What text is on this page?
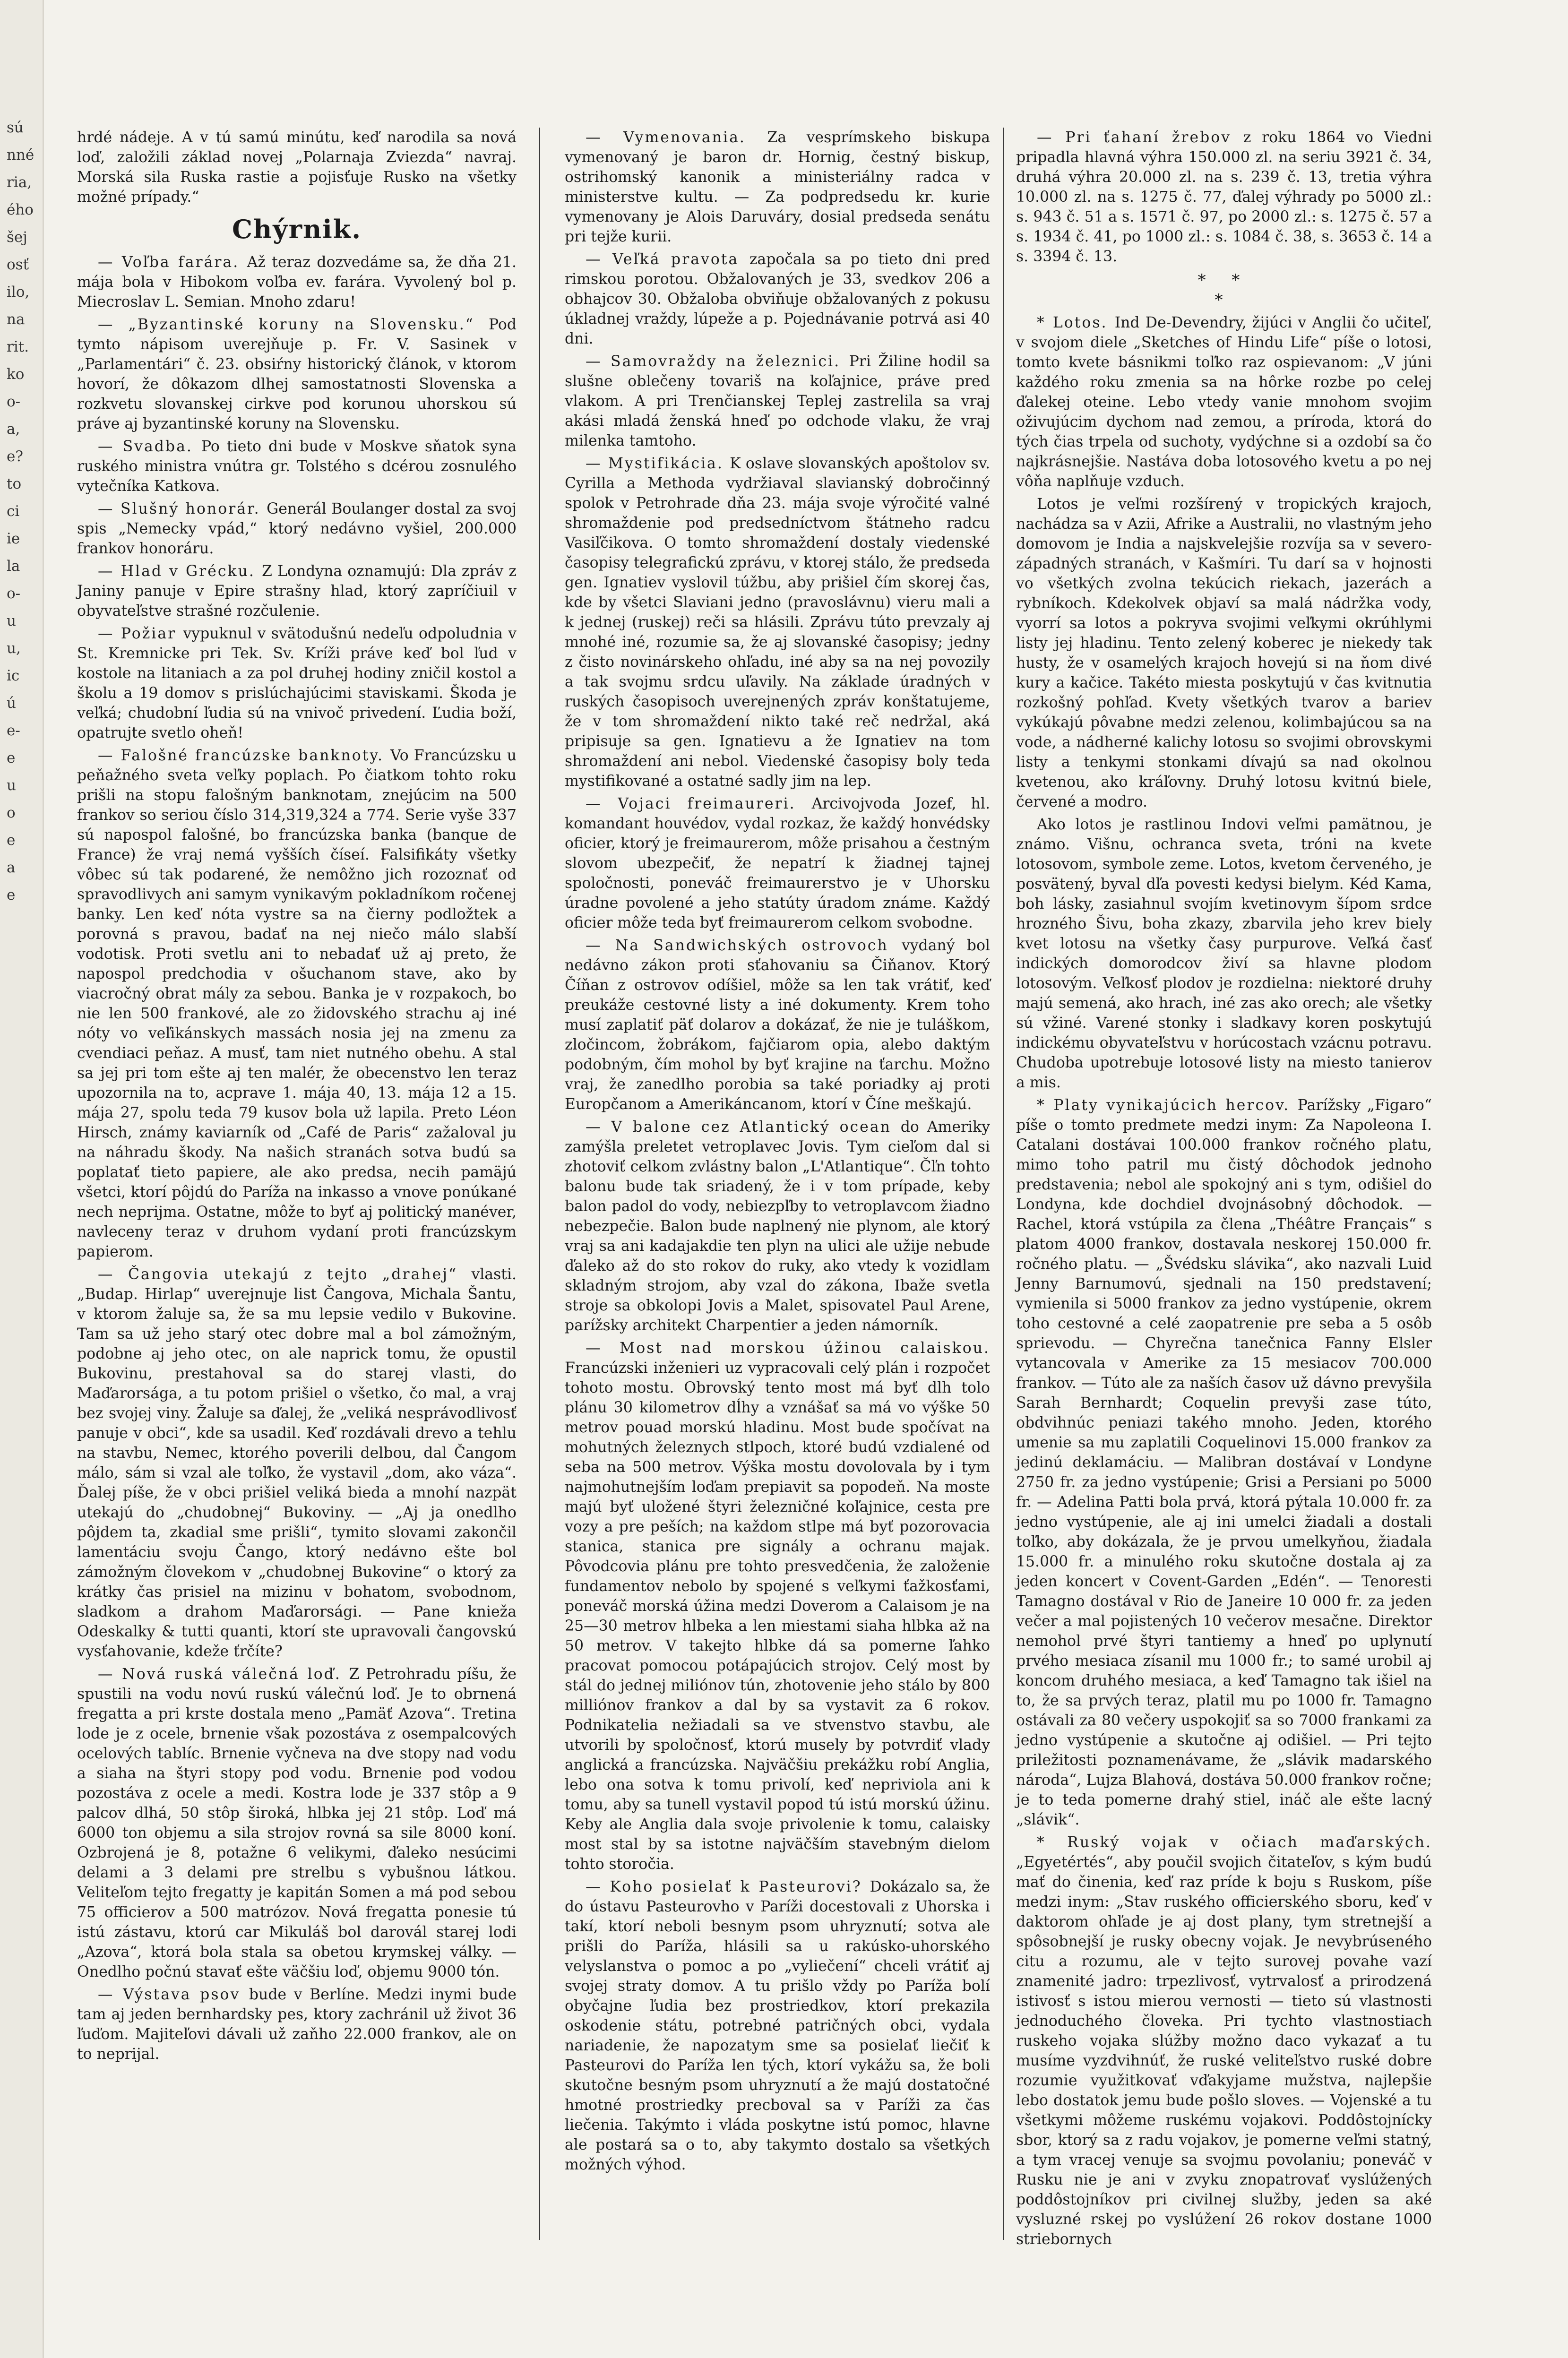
sú
nné
ria,
ého
šej
osť
ilo,
na
rit.
ko
o-
a,
e?
to
ci
ie
la
o-
u
u,
ic
ú
e-
e
u
o
e
a
e

hrdé nádeje. A v tú samú minútu, keď narodila sa nová loď, založili základ novej „Polarnaja Zviezda“ navraj. Morská sila Ruska rastie a pojisťuje Rusko na všetky možné prípady.“

Chýrnik.

— Voľba farára. Až teraz dozvedáme sa, že dňa 21. mája bola v Hibokom voľba ev. farára. Vyvolený bol p. Miecroslav L. Semian. Mnoho zdaru!

— „Byzantinské koruny na Slovensku.“ Pod tymto nápisom uverejňuje p. Fr. V. Sasinek v „Parlamentári“ č. 23. obsiŕny historický článok, v ktorom hovorí, že dôkazom dlhej samostatnosti Slovenska a rozkvetu slovanskej cirkve pod korunou uhorskou sú práve aj byzantinské koruny na Slovensku.

— Svadba. Po tieto dni bude v Moskve sňatok syna ruského ministra vnútra gr. Tolstého s dcérou zosnulého vytečníka Katkova.

— Slušný honorár. Generál Boulanger dostal za svoj spis „Nemecky vpád,“ ktorý nedávno vyšiel, 200.000 frankov honoráru.

— Hlad v Grécku. Z Londyna oznamujú: Dla zpráv z Janiny panuje v Epire strašny hlad, ktorý zapríčiuil v obyvateľstve strašné rozčulenie.

— Požiar vypuknul v svätodušnú nedeľu odpoludnia v St. Kremnicke pri Tek. Sv. Kríži práve keď bol ľud v kostole na litaniach a za pol druhej hodiny zničil kostol a školu a 19 domov s prislúchajúcimi staviskami. Škoda je veľká; chudobní ľudia sú na vnivoč privedení. Ľudia boží, opatrujte svetlo oheň!

— Falošné francúzske banknoty. Vo Francúzsku u peňažného sveta veľky poplach. Po čiatkom tohto roku prišli na stopu falošným banknotam, znejúcim na 500 frankov so seriou číslo 314,319,324 a 774. Serie vyše 337 sú napospol falošné, bo francúzska banka (banque de France) že vraj nemá vyšších číseí. Falsifikáty všetky vôbec sú tak podarené, že nemôžno jich rozoznať od spravodlivych ani samym vynikavým pokladníkom ročenej banky. Len keď nóta vystre sa na čierny podložtek a porovná s pravou, badať na nej niečo málo slabší vodotisk. Proti svetlu ani to nebadať už aj preto, že napospol predchodia v ošuchanom stave, ako by viacročný obrat mály za sebou. Banka je v rozpakoch, bo nie len 500 frankové, ale zo židovského strachu aj iné nóty vo veľikánskych massách nosia jej na zmenu za cvendiaci peňaz. A musť, tam niet nutného obehu. A stal sa jej pri tom ešte aj ten malér, že obecenstvo len teraz upozornila na to, acprave 1. mája 40, 13. mája 12 a 15. mája 27, spolu teda 79 kusov bola už lapila. Preto Léon Hirsch, známy kaviarník od „Café de Paris“ zažaloval ju na náhradu škody. Na našich stranách sotva budú sa poplatať tieto papiere, ale ako predsa, necih pamäjú všetci, ktorí pôjdú do Paríža na inkasso a vnove ponúkané nech neprijma. Ostatne, môže to byť aj politický manéver, navleceny teraz v druhom vydaní proti francúzskym papierom.

— Čangovia utekajú z tejto „drahej“ vlasti. „Budap. Hirlap“ uverejnuje list Čangova, Michala Šantu, v ktorom žaluje sa, že sa mu lepsie vedilo v Bukovine. Tam sa už jeho starý otec dobre mal a bol zámožným, podobne aj jeho otec, on ale naprick tomu, že opustil Bukovinu, prestahoval sa do starej vlasti, do Maďarorsága, a tu potom prišiel o všetko, čo mal, a vraj bez svojej viny. Žaluje sa ďalej, že „veliká nesprávodlivosť panuje v obci“, kde sa usadil. Keď rozdávali drevo a tehlu na stavbu, Nemec, ktorého poverili delbou, dal Čangom málo, sám si vzal ale toľko, že vystavil „dom, ako váza“. Ďalej píše, že v obci prišiel veliká bieda a mnohí nazpät utekajú do „chudobnej“ Bukoviny. — „Aj ja onedlho pôjdem ta, zkadial sme prišli“, tymito slovami zakončil lamentáciu svoju Čango, ktorý nedávno ešte bol zámožným človekom v „chudobnej Bukovine“ o ktorý za krátky čas prisiel na mizinu v bohatom, svobodnom, sladkom a drahom Maďarorsági. — Pane knieža Odeskalky & tutti quanti, ktorí ste upravovali čangovskú vysťahovanie, kdeže ťrčíte?

— Nová ruská válečná loď. Z Petrohradu píšu, že spustili na vodu novú ruskú válečnú loď. Je to obrnená fregatta a pri krste dostala meno „Pamäť Azova“. Tretina lode je z ocele, brnenie však pozostáva z osempalcových ocelových tablíc. Brnenie vyčneva na dve stopy nad vodu a siaha na štyri stopy pod vodu. Brnenie pod vodou pozostáva z ocele a medi. Kostra lode je 337 stôp a 9 palcov dlhá, 50 stôp široká, hlbka jej 21 stôp. Loď má 6000 ton objemu a sila strojov rovná sa sile 8000 koní. Ozbrojená je 8, potažne 6 velikymi, ďaleko nesúcimi delami a 3 delami pre strelbu s vybušnou látkou. Veliteľom tejto fregatty je kapitán Somen a má pod sebou 75 officierov a 500 matrózov. Nová fregatta ponesie tú istú zástavu, ktorú car Mikuláš bol darovál starej lodi „Azova“, ktorá bola stala sa obetou krymskej války. — Onedlho počnú stavať ešte väčšiu loď, objemu 9000 tón.

— Výstava psov bude v Berlíne. Medzi inymi bude tam aj jeden bernhardsky pes, ktory zachránil už život 36 ľuďom. Majiteľovi dávali už zaňho 22.000 frankov, ale on to neprijal.

— Vymenovania. Za vesprímskeho biskupa vymenovaný je baron dr. Hornig, čestný biskup, ostrihomský kanonik a ministeriálny radca v ministerstve kultu. — Za podpredsedu kr. kurie vymenovany je Alois Daruváry, dosial predseda senátu pri tejže kurii.

— Veľká pravota započala sa po tieto dni pred rimskou porotou. Obžalovaných je 33, svedkov 206 a obhajcov 30. Obžaloba obviňuje obžalovaných z pokusu úkladnej vraždy, lúpeže a p. Pojednávanie potrvá asi 40 dni.

— Samovraždy na železnici. Pri Žiline hodil sa slušne oblečeny tovariš na koľajnice, práve pred vlakom. A pri Trenčianskej Teplej zastrelila sa vraj akási mladá ženská hneď po odchode vlaku, že vraj milenka tamtoho.

— Mystifikácia. K oslave slovanských apoštolov sv. Cyrilla a Methoda vydržiaval slavianský dobročinný spolok v Petrohrade dňa 23. mája svoje výročité valné shromaždenie pod predsedníctvom štátneho radcu Vasiľčikova. O tomto shromaždení dostaly viedenské časopisy telegrafickú zprávu, v ktorej stálo, že predseda gen. Ignatiev vyslovil túžbu, aby prišiel čím skorej čas, kde by všetci Slaviani jedno (pravoslávnu) vieru mali a k jednej (ruskej) reči sa hlásili. Zprávu túto prevzaly aj mnohé iné, rozumie sa, že aj slovanské časopisy; jedny z čisto novinárskeho ohľadu, iné aby sa na nej povozily a tak svojmu srdcu uľavily. Na základe úradných v ruských časopisoch uverejnených zpráv konštatujeme, že v tom shromaždení nikto také reč nedržal, aká pripisuje sa gen. Ignatievu a že Ignatiev na tom shromaždení ani nebol. Viedenské časopisy boly teda mystifikované a ostatné sadly jim na lep.

— Vojaci freimaureri. Arcivojvoda Jozef, hl. komandant houvédov, vydal rozkaz, že každý honvédsky oficier, ktorý je freimaurerom, môže prisahou a čestným slovom ubezpečiť, že nepatrí k žiadnej tajnej spoločnosti, poneváč freimaurerstvo je v Uhorsku úradne povolené a jeho statúty úradom známe. Každý oficier môže teda byť freimaurerom celkom svobodne.

— Na Sandwichských ostrovoch vydaný bol nedávno zákon proti sťahovaniu sa Čiňanov. Ktorý Číňan z ostrovov odíšiel, môže sa len tak vrátiť, keď preukáže cestovné listy a iné dokumenty. Krem toho musí zaplatiť päť dolarov a dokázať, že nie je tuláškom, zločincom, žobrákom, fajčiarom opia, alebo daktým podobným, čím mohol by byť krajine na ťarchu. Možno vraj, že zanedlho porobia sa také poriadky aj proti Europčanom a Amerikáncanom, ktorí v Číne meškajú.

— V balone cez Atlantický ocean do Ameriky zamýšla preletet vetroplavec Jovis. Tym cieľom dal si zhotoviť celkom zvlástny balon „L'Atlantique“. Čľn tohto balonu bude tak sriadený, že i v tom prípade, keby balon padol do vody, nebiezpľby to vetroplavcom žiadno nebezpečie. Balon bude naplnený nie plynom, ale ktorý vraj sa ani kadajakdie ten plyn na ulici ale užije nebude ďaleko až do sto rokov do ruky, ako vtedy k vozidlam skladným strojom, aby vzal do zákona, Ibaže svetla stroje sa obkolopi Jovis a Malet, spisovatel Paul Arene, parížsky architekt Charpentier a jeden námorník.

— Most nad morskou úžinou calaiskou. Francúzski inženieri uz vypracovali celý plán i rozpočet tohoto mostu. Obrovský tento most má byť dlh tolo plánu 30 kilometrov dĺhy a vznášať sa má vo výške 50 metrov pouad morskú hladinu. Most bude spočívat na mohutných železnych stlpoch, ktoré budú vzdialené od seba na 500 metrov. Výška mostu dovolovala by i tym najmohutnejším loďam prepiavit sa popodeň. Na moste majú byť uložené štyri železničné koľajnice, cesta pre vozy a pre peších; na každom stlpe má byť pozorovacia stanica, stanica pre signály a ochranu majak. Pôvodcovia plánu pre tohto presvedčenia, že založenie fundamentov nebolo by spojené s veľkymi ťažkosťami, poneváč morská úžina medzi Doverom a Calaisom je na 25—30 metrov hlbeka a len miestami siaha hlbka až na 50 metrov. V takejto hlbke dá sa pomerne ľahko pracovat pomocou potápajúcich strojov. Celý most by stál do jednej miliónov tún, zhotovenie jeho stálo by 800 milliónov frankov a dal by sa vystavit za 6 rokov. Podnikatelia nežiadali sa ve stvenstvo stavbu, ale utvorili by spoločnosť, ktorú musely by potvrdiť vlady anglická a francúzska. Najväčšiu prekážku robí Anglia, lebo ona sotva k tomu privolí, keď nepriviola ani k tomu, aby sa tunell vystavil popod tú istú morskú úžinu. Keby ale Anglia dala svoje privolenie k tomu, calaisky most stal by sa istotne najväčším stavebným dielom tohto storočia.

— Koho posielať k Pasteurovi? Dokázalo sa, že do ústavu Pasteurovho v Paríži docestovali z Uhorska i takí, ktorí neboli besnym psom uhryznutí; sotva ale prišli do Paríža, hlásili sa u rakúsko-uhorského velyslanstva o pomoc a po „vyliečení“ chceli vrátiť aj svojej straty domov. A tu prišlo vždy po Paríža bolí obyčajne ľudia bez prostriedkov, ktorí prekazila oskodenie státu, potrebné patričných obci, vydala nariadenie, že napozatym sme sa posielať liečiť k Pasteurovi do Paríža len tých, ktorí vykážu sa, že boli skutočne besným psom uhryznutí a že majú dostatočné hmotné prostriedky precboval sa v Paríži za čas liečenia. Takýmto i vláda poskytne istú pomoc, hlavne ale postará sa o to, aby takymto dostalo sa všetkých možných výhod.

— Pri ťahaní žrebov z roku 1864 vo Viedni pripadla hlavná výhra 150.000 zl. na seriu 3921 č. 34, druhá výhra 20.000 zl. na s. 239 č. 13, tretia výhra 10.000 zl. na s. 1275 č. 77, ďalej výhrady po 5000 zl.: s. 943 č. 51 a s. 1571 č. 97, po 2000 zl.: s. 1275 č. 57 a s. 1934 č. 41, po 1000 zl.: s. 1084 č. 38, s. 3653 č. 14 a s. 3394 č. 13.

* *
*

* Lotos. Ind De-Devendry, žijúci v Anglii čo učiteľ, v svojom diele „Sketches of Hindu Life“ píše o lotosi, tomto kvete básnikmi toľko raz ospievanom: „V júni každého roku zmenia sa na hôrke rozbe po celej ďalekej oteine. Lebo vtedy vanie mnohom svojim oživujúcim dychom nad zemou, a príroda, ktorá do tých čias trpela od suchoty, vydýchne si a ozdobí sa čo najkrásnejšie. Nastáva doba lotosového kvetu a po nej vôňa naplňuje vzduch.

Lotos je veľmi rozšírený v tropických krajoch, nachádza sa v Azii, Afrike a Australii, no vlastným jeho domovom je India a najskvelejšie rozvíja sa v severo-západných stranách, v Kašmíri. Tu darí sa v hojnosti vo všetkých zvolna tekúcich riekach, jazerách a rybníkoch. Kdekolvek objaví sa malá nádržka vody, vyorrí sa lotos a pokryva svojimi veľkymi okrúhlymi listy jej hladinu. Tento zelený koberec je niekedy tak husty, že v osamelých krajoch hovejú si na ňom divé kury a kačice. Takéto miesta poskytujú v čas kvitnutia rozkošný pohľad. Kvety všetkých tvarov a bariev vykúkajú pôvabne medzi zelenou, kolimbajúcou sa na vode, a nádherné kalichy lotosu so svojimi obrovskymi listy a tenkymi stonkami dívajú sa nad okolnou kvetenou, ako kráľovny. Druhý lotosu kvitnú biele, červené a modro.

Ako lotos je rastlinou Indovi veľmi pamätnou, je známo. Višnu, ochranca sveta, tróni na kvete lotosovom, symbole zeme. Lotos, kvetom červeného, je posvätený, byval dľa povesti kedysi bielym. Kéd Kama, boh lásky, zasiahnul svojím kvetinovym šípom srdce hrozného Šivu, boha zkazy, zbarvila jeho krev biely kvet lotosu na všetky časy purpurove. Veľká časť indických domorodcov živí sa hlavne plodom lotosovým. Veľkosť plodov je rozdielna: niektoré druhy majú semená, ako hrach, iné zas ako orech; ale všetky sú vžiné. Varené stonky i sladkavy koren poskytujú indickému obyvateľstvu v horúcostach vzácnu potravu. Chudoba upotrebuje lotosové listy na miesto tanierov a mis.

* Platy vynikajúcich hercov. Parížsky „Figaro“ píše o tomto predmete medzi inym: Za Napoleona I. Catalani dostávai 100.000 frankov ročného platu, mimo toho patril mu čistý dôchodok jednoho predstavenia; nebol ale spokojný ani s tym, odišiel do Londyna, kde dochdiel dvojnásobný dôchodok. — Rachel, ktorá vstúpila za člena „Théâtre Français“ s platom 4000 frankov, dostavala neskorej 150.000 fr. ročného platu. — „Švédsku slávika“, ako nazvali Luid Jenny Barnumovú, sjednali na 150 predstavení; vymienila si 5000 frankov za jedno vystúpenie, okrem toho cestovné a celé zaopatrenie pre seba a 5 osôb sprievodu. — Chyrečna tanečnica Fanny Elsler vytancovala v Amerike za 15 mesiacov 700.000 frankov. — Túto ale za naších časov už dávno prevyšila Sarah Bernhardt; Coquelin prevyši zase túto, obdvihnúc peniazi takého mnoho. Jeden, ktorého umenie sa mu zaplatili Coquelinovi 15.000 frankov za jedinú deklamáciu. — Malibran dostávaí v Londyne 2750 fr. za jedno vystúpenie; Grisi a Persiani po 5000 fr. — Adelina Patti bola prvá, ktorá pýtala 10.000 fr. za jedno vystúpenie, ale aj ini umelci žiadali a dostali toľko, aby dokázala, že je prvou umelkyňou, žiadala 15.000 fr. a minulého roku skutočne dostala aj za jeden koncert v Covent-Garden „Edén“. — Tenoresti Tamagno dostával v Rio de Janeire 10 000 fr. za jeden večer a mal pojistených 10 večerov mesačne. Direktor nemohol prvé štyri tantiemy a hneď po uplynutí prvého mesiaca zísanil mu 1000 fr.; to samé urobil aj koncom druhého mesiaca, a keď Tamagno tak išiel na to, že sa prvých teraz, platil mu po 1000 fr. Tamagno ostávali za 80 večery uspokojiť sa so 7000 frankami za jedno vystúpenie a skutočne aj odišiel. — Pri tejto priležitosti poznamenávame, že „slávik madarského národa“, Lujza Blahová, dostáva 50.000 frankov ročne; je to teda pomerne drahý stiel, ináč ale ešte lacný „slávik“.

* Ruský vojak v očiach maďarských. „Egyetértés“, aby poučil svojich čitateľov, s kým budú mať do činenia, keď raz príde k boju s Ruskom, píše medzi inym: „Stav ruského officierského sboru, keď v daktorom ohľade je aj dost plany, tym stretnejší a spôsobnejší je rusky obecny vojak. Je nevybrúseného citu a rozumu, ale v tejto surovej povahe vazí znamenité jadro: trpezlivosť, vytrvalosť a prirodzená istivosť s istou mierou vernosti — tieto sú vlastnosti jednoduchého človeka. Pri tychto vlastnostiach ruskeho vojaka slúžby možno daco vykazať a tu musíme vyzdvihnúť, že ruské veliteľstvo ruské dobre rozumie využitkovať vďakyjame mužstva, najlepšie lebo dostatok jemu bude pošlo sloves. — Vojenské a tu všetkymi môžeme ruskému vojakovi. Poddôstojnícky sbor, ktorý sa z radu vojakov, je pomerne veľmi statný, a tym vracej venuje sa svojmu povolaniu; poneváč v Rusku nie je ani v zvyku znopatrovať vyslúžených poddôstojníkov pri civilnej služby, jeden sa aké vysluzné rskej po vyslúžení 26 rokov dostane 1000 striebornych
